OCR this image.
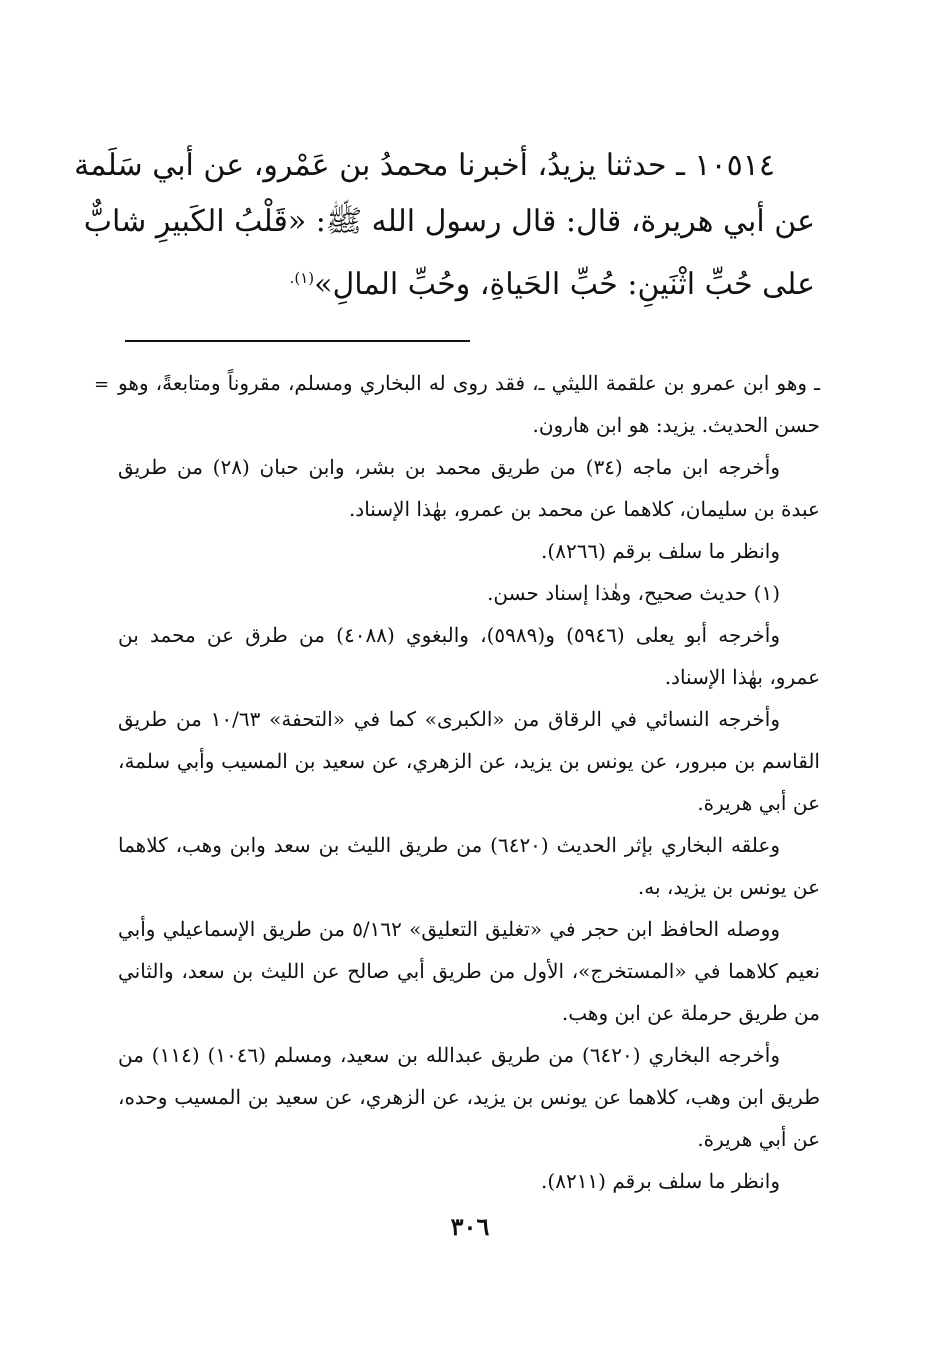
١٠٥١٤ ـ حدثنا يزيدُ، أخبرنا محمدُ بن عَمْرو، عن أبي سَلَمة
عن أبي هريرة، قال: قال رسول الله ﷺ: «قَلْبُ الكَبيرِ شابٌّ
على حُبِّ اثْنَينِ: حُبِّ الحَياةِ، وحُبِّ المالِ»$^{(١).}$
= ـ وهو ابن عمرو بن علقمة الليثي ـ، فقد روى له البخاري ومسلم، مقروناً ومتابعةً، وهو حسن الحديث. يزيد: هو ابن هارون.

وأخرجه ابن ماجه (٣٤) من طريق محمد بن بشر، وابن حبان (٢٨) من طريق عبدة بن سليمان، كلاهما عن محمد بن عمرو، بهٰذا الإسناد.

وانظر ما سلف برقم (٨٢٦٦).

(١) حديث صحيح، وهٰذا إسناد حسن.

وأخرجه أبو يعلى (٥٩٤٦) و(٥٩٨٩)، والبغوي (٤٠٨٨) من طرق عن محمد بن عمرو، بهٰذا الإسناد.

وأخرجه النسائي في الرقاق من «الكبرى» كما في «التحفة» ١٠/٦٣ من طريق القاسم بن مبرور، عن يونس بن يزيد، عن الزهري، عن سعيد بن المسيب وأبي سلمة، عن أبي هريرة.

وعلقه البخاري بإثر الحديث (٦٤٢٠) من طريق الليث بن سعد وابن وهب، كلاهما عن يونس بن يزيد، به.

ووصله الحافظ ابن حجر في «تغليق التعليق» ٥/١٦٢ من طريق الإسماعيلي وأبي نعيم كلاهما في «المستخرج»، الأول من طريق أبي صالح عن الليث بن سعد، والثاني من طريق حرملة عن ابن وهب.

وأخرجه البخاري (٦٤٢٠) من طريق عبدالله بن سعيد، ومسلم (١٠٤٦) (١١٤) من طريق ابن وهب، كلاهما عن يونس بن يزيد، عن الزهري، عن سعيد بن المسيب وحده، عن أبي هريرة.

وانظر ما سلف برقم (٨٢١١).

٣٠٦
